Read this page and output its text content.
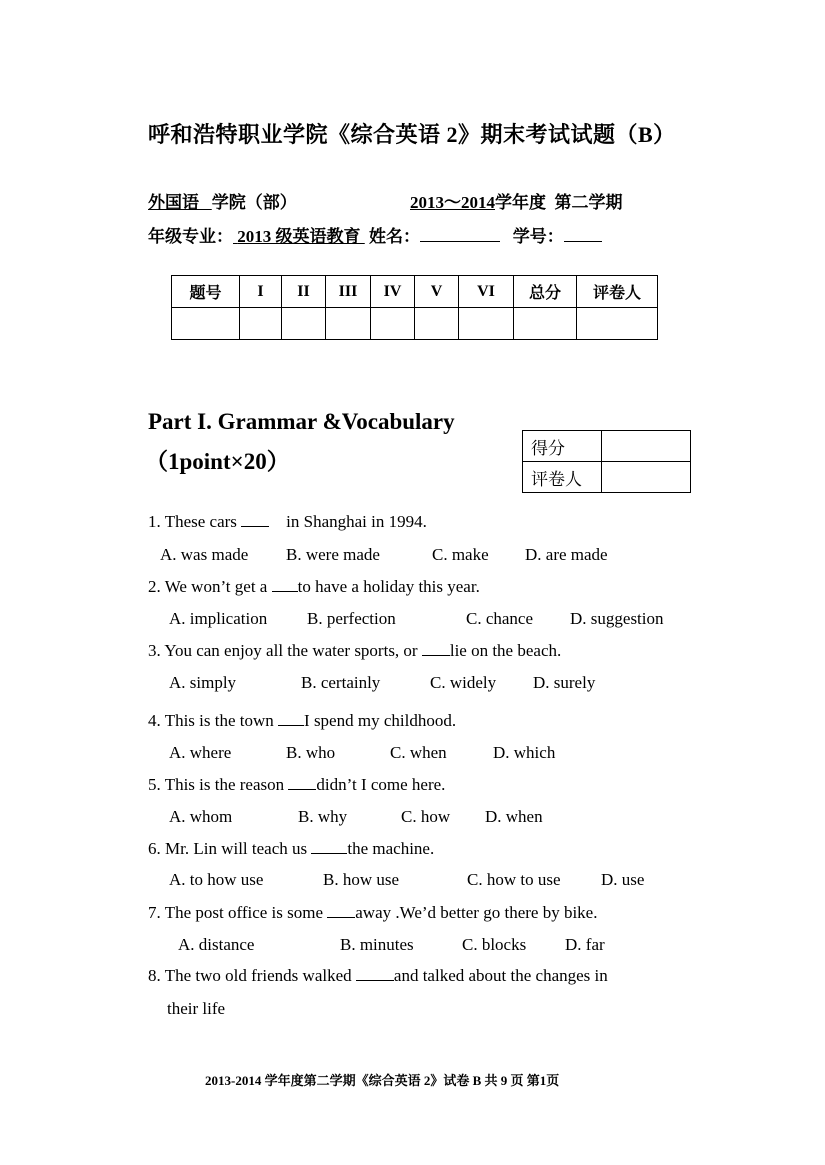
呼和浩特职业学院《综合英语 2》期末考试试题（B）
外国语 学院（部）	2013～2014学年度 第二学期
年级专业： 2013 级英语教育 姓名：	学号：
题号	I	II	III	IV	V	VI	总分	评卷人

Part I. Grammar &Vocabulary
（1point×20）
得分	
评卷人	
1. These cars	in Shanghai in 1994.
A. was made B. were made	C. make D. are made
2. We won’t get a to have a holiday this year.
A. implication B. perfection	C. chance D. suggestion
3. You can enjoy all the water sports, or lie on the beach.
A. simply	B. certainly	C. widely D. surely
4. This is the town I spend my childhood.
A. where	B. who	C. when	D. which
5. This is the reason didn’t I come here.
A. whom	B. why	C. how D. when
6. Mr. Lin will teach us the machine.
A. to how use	B. how use	C. how to use D. use
7. The post office is some away .We’d better go there by bike.
A. distance	B. minutes	C. blocks D. far
8. The two old friends walked and talked about the changes in
their life
2013-2014 学年度第二学期《综合英语 2》试卷 B 共 9 页 第1页
